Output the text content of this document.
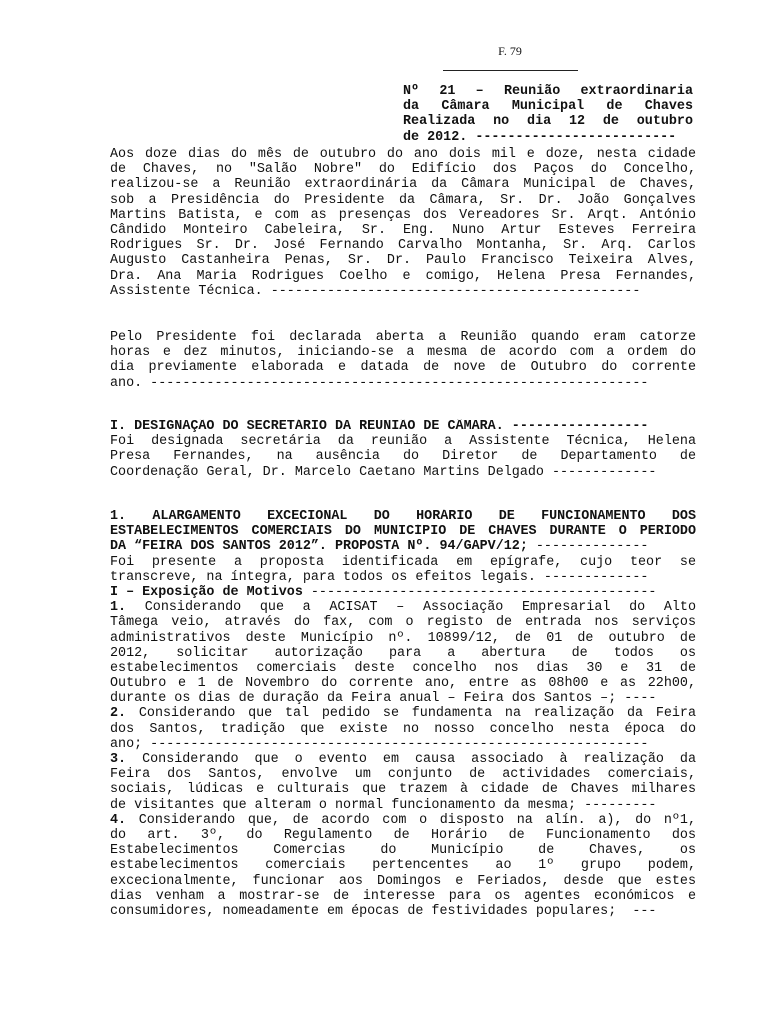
F. 79
Nº 21 – Reunião extraordinaria
da Câmara Municipal de Chaves
Realizada no dia 12 de outubro
de 2012. -------------------------
Aos doze dias do mês de outubro do ano dois mil e doze, nesta cidade
de Chaves, no "Salão Nobre" do Edifício dos Paços do Concelho,
realizou-se a Reunião extraordinária da Câmara Municipal de Chaves,
sob a Presidência do Presidente da Câmara, Sr. Dr. João Gonçalves
Martins Batista, e com as presenças dos Vereadores Sr. Arqt. António
Cândido Monteiro Cabeleira, Sr. Eng. Nuno Artur Esteves Ferreira
Rodrigues Sr. Dr. José Fernando Carvalho Montanha, Sr. Arq. Carlos
Augusto Castanheira Penas, Sr. Dr. Paulo Francisco Teixeira Alves,
Dra. Ana Maria Rodrigues Coelho e comigo, Helena Presa Fernandes,
Assistente Técnica. ----------------------------------------------
Pelo Presidente foi declarada aberta a Reunião quando eram catorze
horas e dez minutos, iniciando-se a mesma de acordo com a ordem do
dia previamente elaborada e datada de nove de Outubro do corrente
ano. --------------------------------------------------------------
I. DESIGNAÇÃO DO SECRETÁRIO DA REUNIÃO DE CÂMARA. -----------------
Foi designada secretária da reunião a Assistente Técnica, Helena
Presa Fernandes, na ausência do Diretor de Departamento de
Coordenação Geral, Dr. Marcelo Caetano Martins Delgado -------------
1. ALARGAMENTO EXCECIONAL DO HORÁRIO DE FUNCIONAMENTO DOS
ESTABELECIMENTOS COMERCIAIS DO MUNICÍPIO DE CHAVES DURANTE O PERÍODO
DA “FEIRA DOS SANTOS 2012”. PROPOSTA Nº. 94/GAPV/12; --------------
Foi presente a proposta identificada em epígrafe, cujo teor se
transcreve, na íntegra, para todos os efeitos legais. -------------
I – Exposição de Motivos -------------------------------------------
1. Considerando que a ACISAT – Associação Empresarial do Alto
Tâmega veio, através do fax, com o registo de entrada nos serviços
administrativos deste Município nº. 10899/12, de 01 de outubro de
2012, solicitar autorização para a abertura de todos os
estabelecimentos comerciais deste concelho nos dias 30 e 31 de
Outubro e 1 de Novembro do corrente ano, entre as 08h00 e as 22h00,
durante os dias de duração da Feira anual – Feira dos Santos –; ----
2. Considerando que tal pedido se fundamenta na realização da Feira
dos Santos, tradição que existe no nosso concelho nesta época do
ano; --------------------------------------------------------------
3. Considerando que o evento em causa associado à realização da
Feira dos Santos, envolve um conjunto de actividades comerciais,
sociais, lúdicas e culturais que trazem à cidade de Chaves milhares
de visitantes que alteram o normal funcionamento da mesma; ---------
4. Considerando que, de acordo com o disposto na alín. a), do nº1,
do art. 3º, do Regulamento de Horário de Funcionamento dos
Estabelecimentos Comercias do Município de Chaves, os
estabelecimentos comerciais pertencentes ao 1º grupo podem,
excecionalmente, funcionar aos Domingos e Feriados, desde que estes
dias venham a mostrar-se de interesse para os agentes económicos e
consumidores, nomeadamente em épocas de festividades populares;  ---
